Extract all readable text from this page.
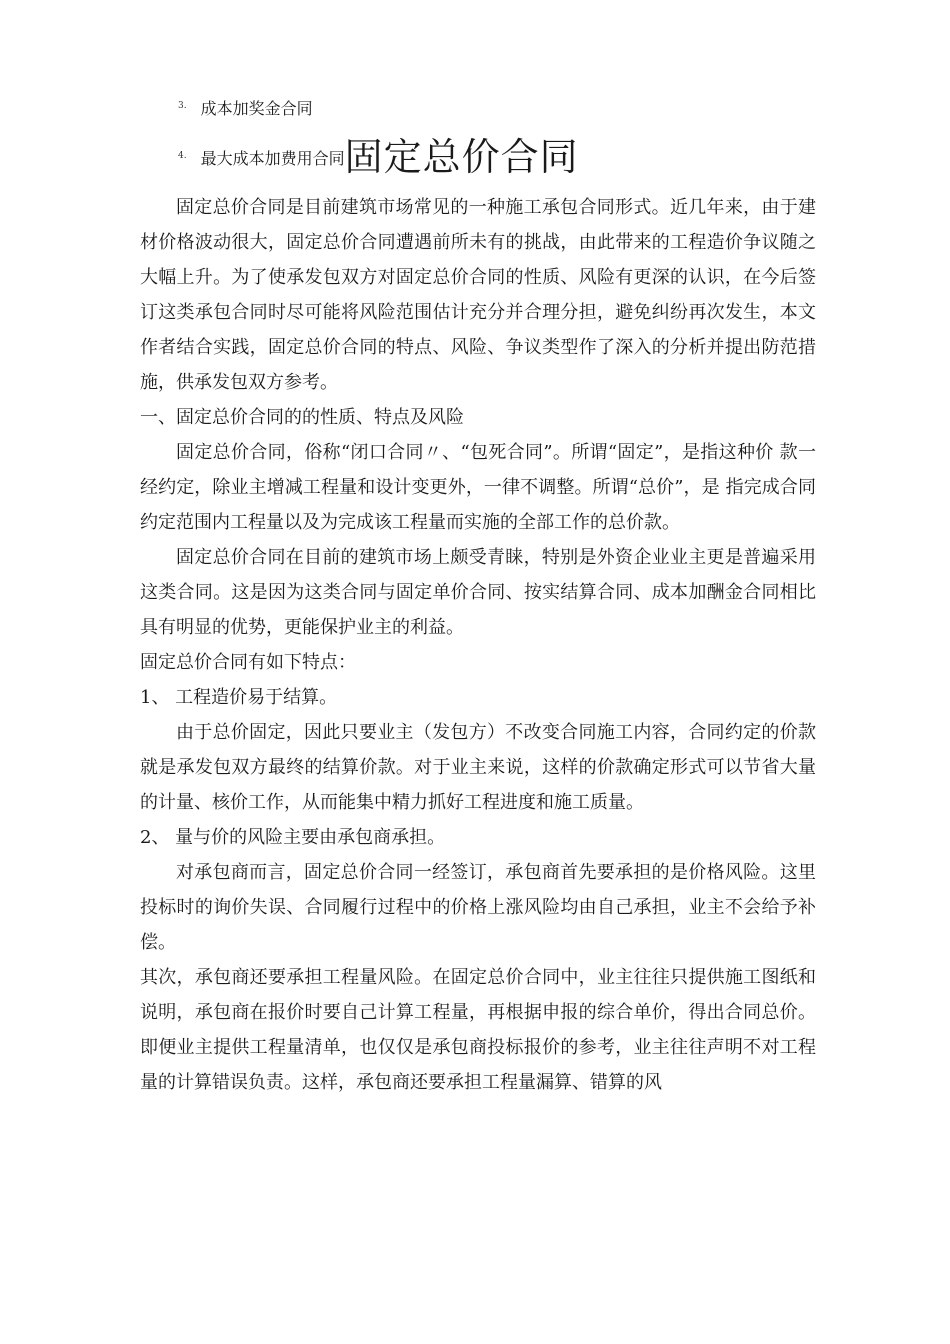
$^{3.}$ 成本加奖金合同
$^{4.}$ 最大成本加费用合同固定总价合同

固定总价合同是目前建筑市场常见的一种施工承包合同形式。近几年来，由于建材价格波动很大，固定总价合同遭遇前所未有的挑战，由此带来的工程造价争议随之大幅上升。为了使承发包双方对固定总价合同的性质、风险有更深的认识，在今后签订这类承包合同时尽可能将风险范围估计充分并合理分担，避免纠纷再次发生，本文作者结合实践，固定总价合同的特点、风险、争议类型作了深入的分析并提出防范措施，供承发包双方参考。

一、固定总价合同的的性质、特点及风险

固定总价合同，俗称“闭口合同〃、“包死合同”。所谓“固定”，是指这种价 款一经约定，除业主增减工程量和设计变更外，一律不调整。所谓“总价”，是 指完成合同约定范围内工程量以及为完成该工程量而实施的全部工作的总价款。

固定总价合同在目前的建筑市场上颇受青睐，特别是外资企业业主更是普遍采用这类合同。这是因为这类合同与固定单价合同、按实结算合同、成本加酬金合同相比具有明显的优势，更能保护业主的利益。

固定总价合同有如下特点：

1、 工程造价易于结算。

由于总价固定，因此只要业主（发包方）不改变合同施工内容，合同约定的价款就是承发包双方最终的结算价款。对于业主来说，这样的价款确定形式可以节省大量的计量、核价工作，从而能集中精力抓好工程进度和施工质量。

2、 量与价的风险主要由承包商承担。

对承包商而言，固定总价合同一经签订，承包商首先要承担的是价格风险。这里投标时的询价失误、合同履行过程中的价格上涨风险均由自己承担，业主不会给予补偿。

其次，承包商还要承担工程量风险。在固定总价合同中，业主往往只提供施工图纸和说明，承包商在报价时要自己计算工程量，再根据申报的综合单价，得出合同总价。即便业主提供工程量清单，也仅仅是承包商投标报价的参考，业主往往声明不对工程量的计算错误负责。这样，承包商还要承担工程量漏算、错算的风
